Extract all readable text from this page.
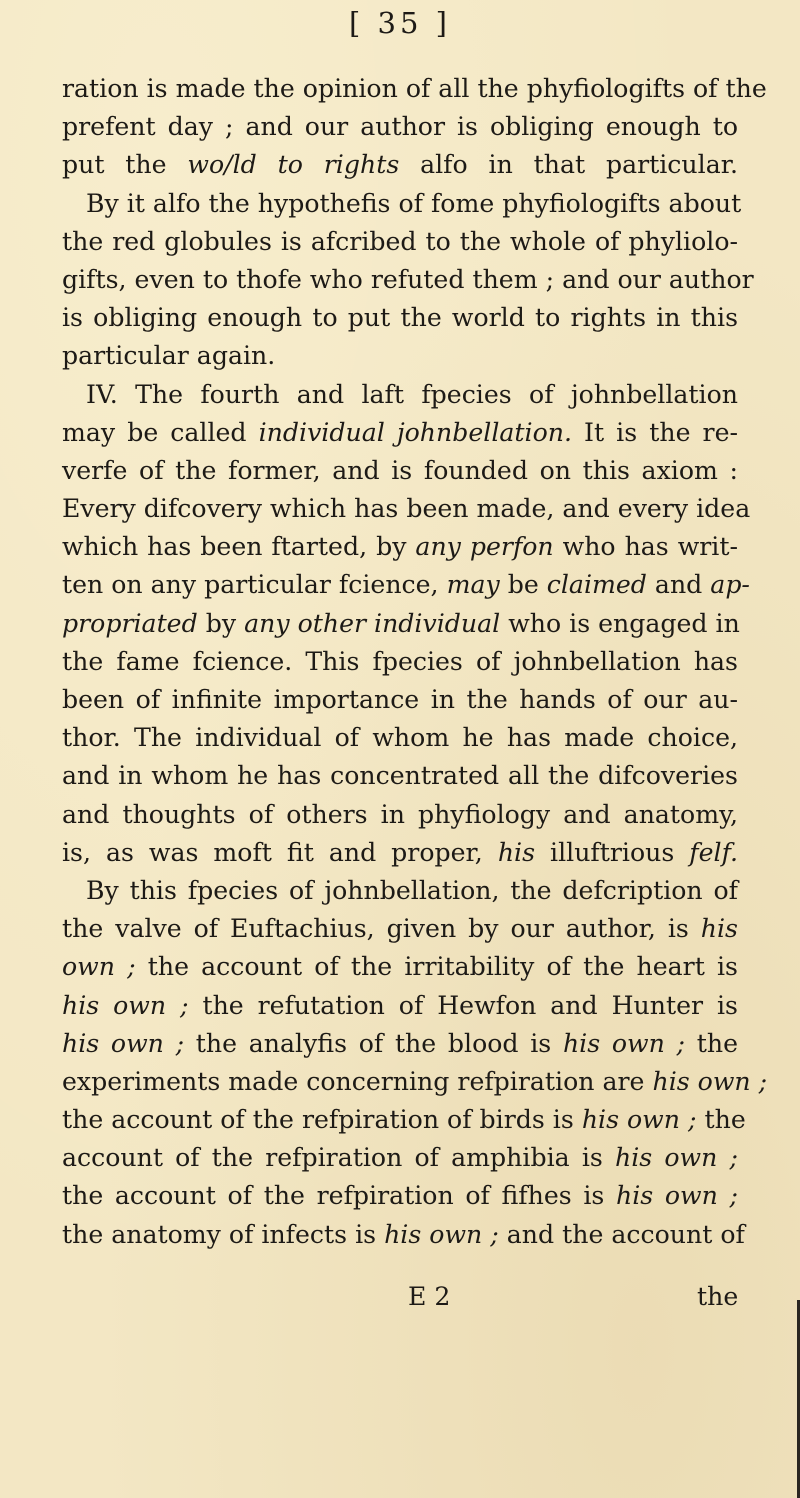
[ 35 ]
ration is made the opinion of all the phyfiologifts of the
prefent day ; and our author is obliging enough to
put the wo/ld to rights alfo in that particular.
By it alfo the hypothefis of fome phyfiologifts about
the red globules is afcribed to the whole of phyliolo-
gifts, even to thofe who refuted them ; and our author
is obliging enough to put the world to rights in this
particular again.
IV. The fourth and laft fpecies of johnbellation
may be called individual johnbellation. It is the re-
verfe of the former, and is founded on this axiom :
Every difcovery which has been made, and every idea
which has been ftarted, by any perfon who has writ-
ten on any particular fcience, may be claimed and ap-
propriated by any other individual who is engaged in
the fame fcience. This fpecies of johnbellation has
been of infinite importance in the hands of our au-
thor. The individual of whom he has made choice,
and in whom he has concentrated all the difcoveries
and thoughts of others in phyfiology and anatomy,
is, as was moft fit and proper, his illuftrious felf.
By this fpecies of johnbellation, the defcription of
the valve of Euftachius, given by our author, is his
own ; the account of the irritability of the heart is
his own ; the refutation of Hewfon and Hunter is
his own ; the analyfis of the blood is his own ; the
experiments made concerning refpiration are his own ;
the account of the refpiration of birds is his own ; the
account of the refpiration of amphibia is his own ;
the account of the refpiration of fifhes is his own ;
the anatomy of infects is his own ; and the account of
E 2	the
